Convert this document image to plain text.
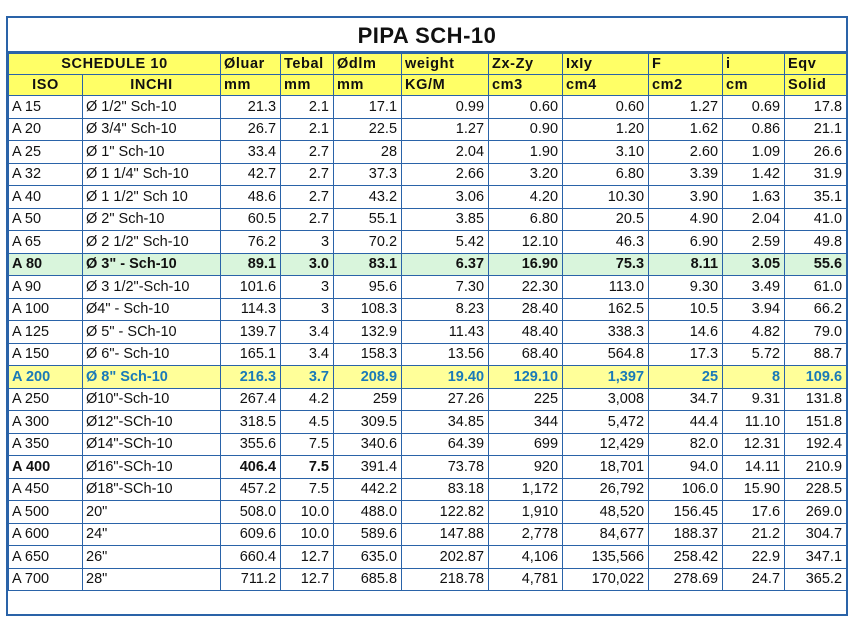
PIPA SCH-10
SCHEDULE 10		Øluar	Tebal	Ødlm	weight	Zx-Zy	IxIy	F	i	Eqv
ISO	INCHI	mm	mm	mm	KG/M	cm3	cm4	cm2	cm	Solid
A 15	Ø 1/2" Sch-10	21.3	2.1	17.1	0.99	0.60	0.60	1.27	0.69	17.8
A 20	Ø 3/4" Sch-10	26.7	2.1	22.5	1.27	0.90	1.20	1.62	0.86	21.1
A 25	Ø 1" Sch-10	33.4	2.7	28	2.04	1.90	3.10	2.60	1.09	26.6
A 32	Ø 1 1/4" Sch-10	42.7	2.7	37.3	2.66	3.20	6.80	3.39	1.42	31.9
A 40	Ø 1 1/2" Sch 10	48.6	2.7	43.2	3.06	4.20	10.30	3.90	1.63	35.1
A 50	Ø 2" Sch-10	60.5	2.7	55.1	3.85	6.80	20.5	4.90	2.04	41.0
A 65	Ø 2 1/2" Sch-10	76.2	3	70.2	5.42	12.10	46.3	6.90	2.59	49.8
A 80	Ø 3" - Sch-10	89.1	3.0	83.1	6.37	16.90	75.3	8.11	3.05	55.6
A 90	Ø 3 1/2"-Sch-10	101.6	3	95.6	7.30	22.30	113.0	9.30	3.49	61.0
A 100	Ø4" - Sch-10	114.3	3	108.3	8.23	28.40	162.5	10.5	3.94	66.2
A 125	Ø 5" - SCh-10	139.7	3.4	132.9	11.43	48.40	338.3	14.6	4.82	79.0
A 150	Ø 6"- Sch-10	165.1	3.4	158.3	13.56	68.40	564.8	17.3	5.72	88.7
A 200	Ø 8" Sch-10	216.3	3.7	208.9	19.40	129.10	1,397	25	8	109.6
A 250	Ø10"-Sch-10	267.4	4.2	259	27.26	225	3,008	34.7	9.31	131.8
A 300	Ø12"-SCh-10	318.5	4.5	309.5	34.85	344	5,472	44.4	11.10	151.8
A 350	Ø14"-SCh-10	355.6	7.5	340.6	64.39	699	12,429	82.0	12.31	192.4
A 400	Ø16"-SCh-10	406.4	7.5	391.4	73.78	920	18,701	94.0	14.11	210.9
A 450	Ø18"-SCh-10	457.2	7.5	442.2	83.18	1,172	26,792	106.0	15.90	228.5
A 500	20"	508.0	10.0	488.0	122.82	1,910	48,520	156.45	17.6	269.0
A 600	24"	609.6	10.0	589.6	147.88	2,778	84,677	188.37	21.2	304.7
A 650	26"	660.4	12.7	635.0	202.87	4,106	135,566	258.42	22.9	347.1
A 700	28"	711.2	12.7	685.8	218.78	4,781	170,022	278.69	24.7	365.2
